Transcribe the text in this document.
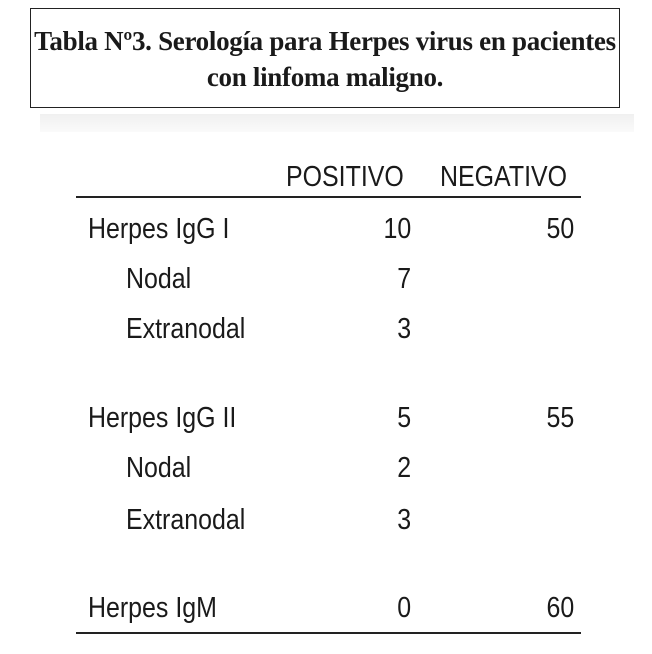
Tabla Nº3. Serología para Herpes virus en pacientes
con linfoma maligno.
POSITIVO NEGATIVO
Herpes IgG I	10	50
Nodal	7
Extranodal	3
Herpes IgG II	5	55
Nodal	2
Extranodal	3
Herpes IgM	0	60
